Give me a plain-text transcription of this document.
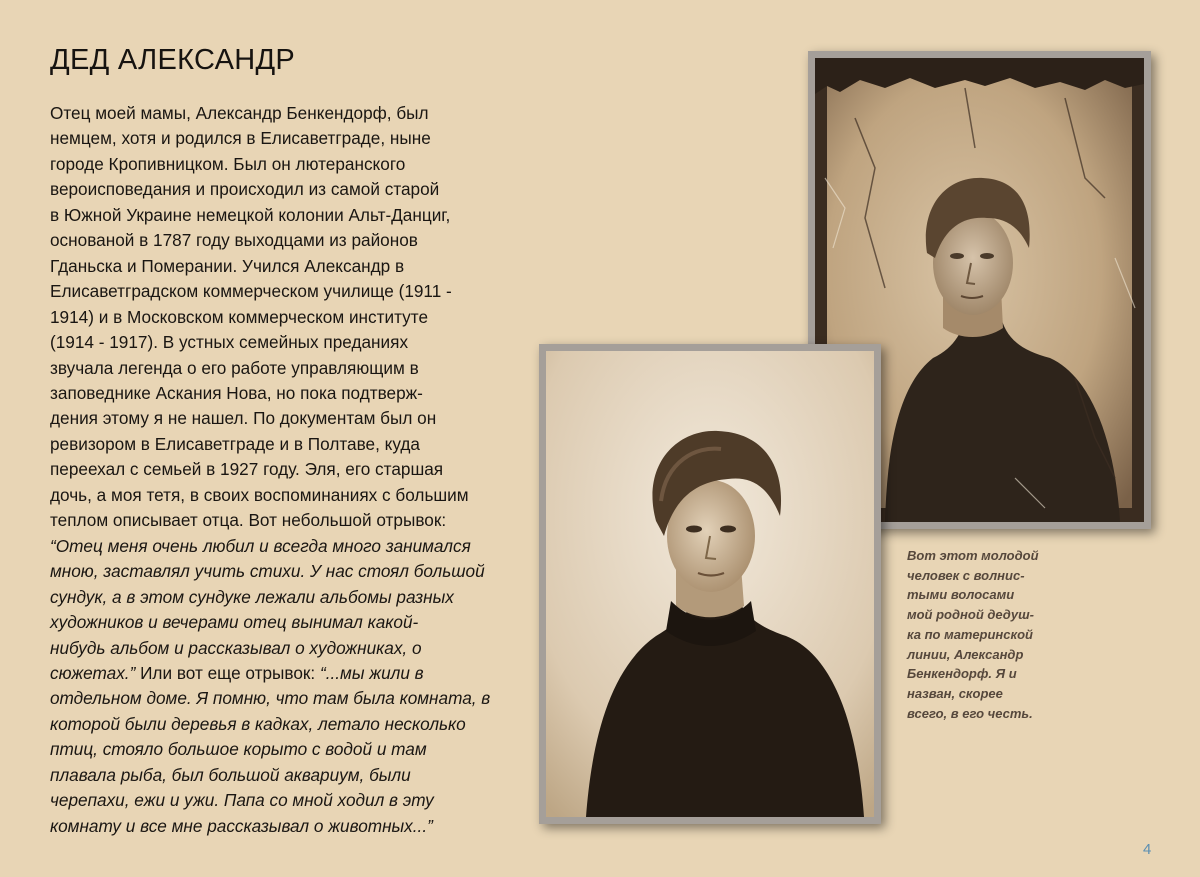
ДЕД АЛЕКСАНДР

Отец моей мамы, Александр Бенкендорф, был
немцем, хотя и родился в Елисаветграде, ныне
городе Кропивницком. Был он лютеранского
вероисповедания и происходил из самой старой
в Южной Украине немецкой колонии Альт-Данциг,
основаной в 1787 году выходцами из районов
Гданьска и Померании. Учился Александр в
Елисаветградском коммерческом училище (1911 -
1914) и в Московском коммерческом институте
(1914 - 1917). В устных семейных преданиях
звучала легенда о его работе управляющим в
заповеднике Аскания Нова, но пока подтверж-
дения этому я не нашел. По документам был он
ревизором в Елисаветграде и в Полтаве, куда
переехал с семьей в 1927 году. Эля, его старшая
дочь, а моя тетя, в своих воспоминаниях с большим
теплом описывает отца. Вот небольшой отрывок:
“Отец меня очень любил и всегда много занимался
мною, заставлял учить стихи. У нас стоял большой
сундук, а в этом сундуке лежали альбомы разных
художников и вечерами отец вынимал какой-
нибудь альбом и рассказывал о художниках, о
сюжетах.” Или вот еще отрывок: “...мы жили в
отдельном доме. Я помню, что там была комната, в
которой были деревья в кадках, летало несколько
птиц, стояло большое корыто с водой и там
плавала рыба, был большой аквариум, были
черепахи, ежи и ужи. Папа со мной ходил в эту
комнату и все мне рассказывал о животных...”

Вот этот молодой
человек с волнис-
тыми волосами
мой родной дедуш-
ка по материнской
линии, Александр
Бенкендорф. Я и
назван, скорее
всего, в его честь.
4
